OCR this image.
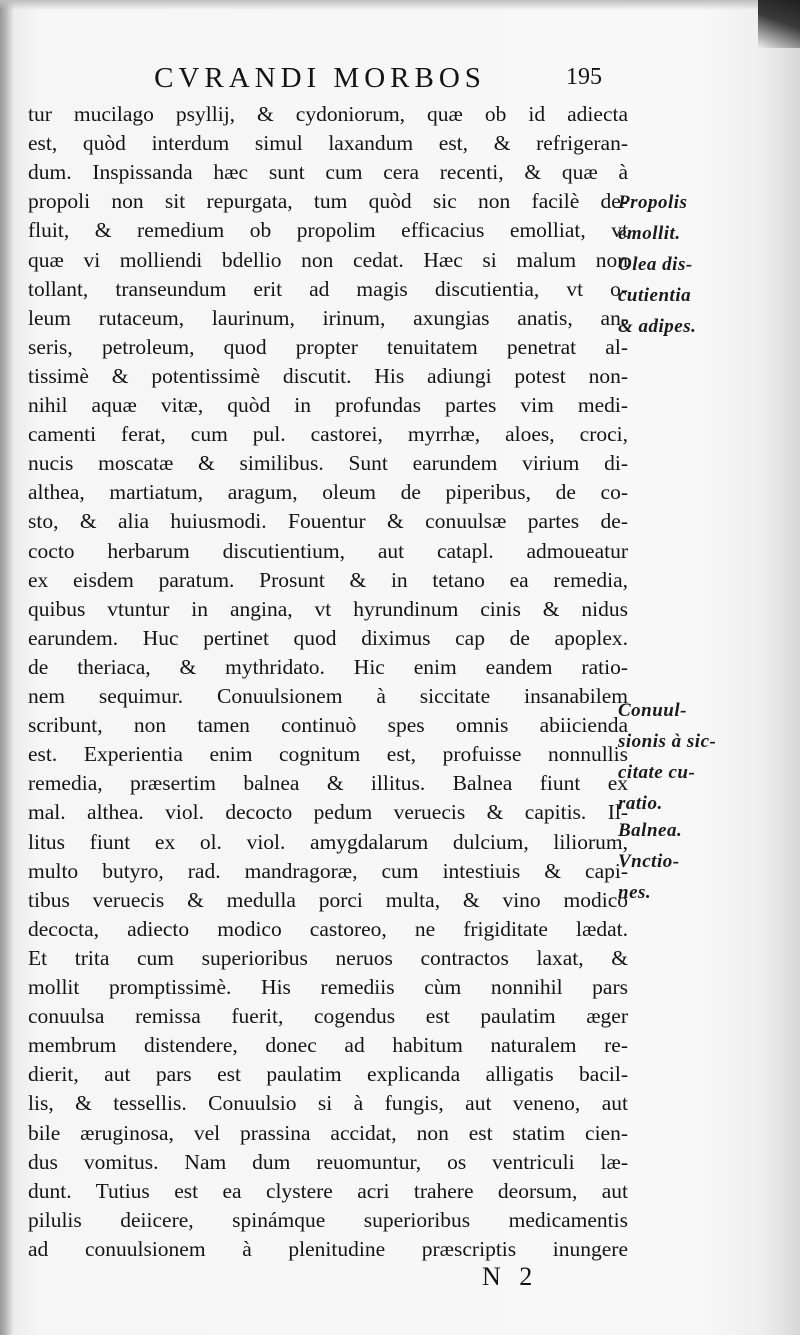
CVRANDI MORBOS	195
tur mucilago psyllij, & cydoniorum, quæ ob id adiecta
est, quòd interdum simul laxandum est, & refrigeran-
dum. Inspissanda hæc sunt cum cera recenti, & quæ à
propoli non sit repurgata, tum quòd sic non facilè de-
fluit, & remedium ob propolim efficacius emolliat, vt
quæ vi molliendi bdellio non cedat. Hæc si malum non
tollant, transeundum erit ad magis discutientia, vt o-
leum rutaceum, laurinum, irinum, axungias anatis, an-
seris, petroleum, quod propter tenuitatem penetrat al-
tissimè & potentissimè discutit. His adiungi potest non-
nihil aquæ vitæ, quòd in profundas partes vim medi-
camenti ferat, cum pul. castorei, myrrhæ, aloes, croci,
nucis moscatæ & similibus. Sunt earundem virium di-
althea, martiatum, aragum, oleum de piperibus, de co-
sto, & alia huiusmodi. Fouentur & conuulsæ partes de-
cocto herbarum discutientium, aut catapl. admoueatur
ex eisdem paratum. Prosunt & in tetano ea remedia,
quibus vtuntur in angina, vt hyrundinum cinis & nidus
earundem. Huc pertinet quod diximus cap de apoplex.
de theriaca, & mythridato. Hic enim eandem ratio-
nem sequimur. Conuulsionem à siccitate insanabilem
scribunt, non tamen continuò spes omnis abiicienda
est. Experientia enim cognitum est, profuisse nonnullis
remedia, præsertim balnea & illitus. Balnea fiunt ex
mal. althea. viol. decocto pedum veruecis & capitis. Il-
litus fiunt ex ol. viol. amygdalarum dulcium, liliorum,
multo butyro, rad. mandragoræ, cum intestiuis & capi-
tibus veruecis & medulla porci multa, & vino modico
decocta, adiecto modico castoreo, ne frigiditate lædat.
Et trita cum superioribus neruos contractos laxat, &
mollit promptissimè. His remediis cùm nonnihil pars
conuulsa remissa fuerit, cogendus est paulatim æger
membrum distendere, donec ad habitum naturalem re-
dierit, aut pars est paulatim explicanda alligatis bacil-
lis, & tessellis. Conuulsio si à fungis, aut veneno, aut
bile æruginosa, vel prassina accidat, non est statim cien-
dus vomitus. Nam dum reuomuntur, os ventriculi læ-
dunt. Tutius est ea clystere acri trahere deorsum, aut
pilulis deiicere, spinámque superioribus medicamentis
ad conuulsionem à plenitudine præscriptis inungere
Propolis
emollit.
Olea dis-
cutientia
& adipes.
Conuul-
sionis à sic-
citate cu-
ratio.
Balnea.
Vnctio-
nes.
N 2
